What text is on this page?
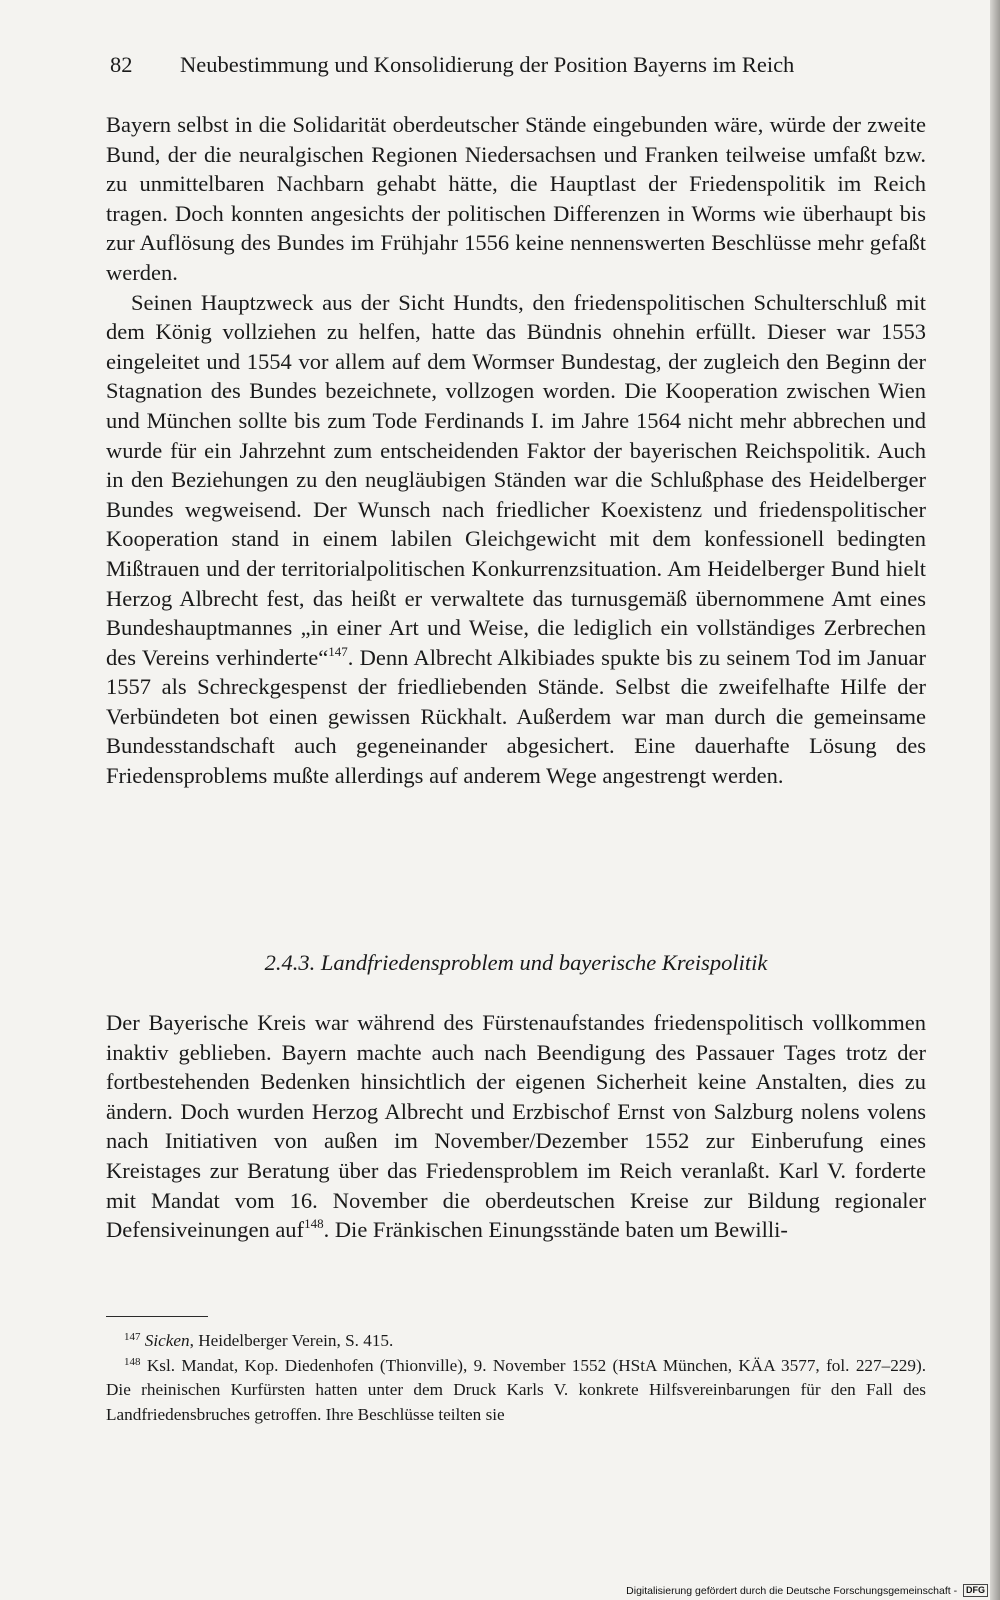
82 Neubestimmung und Konsolidierung der Position Bayerns im Reich

Bayern selbst in die Solidarität oberdeutscher Stände eingebunden wäre, würde der zweite Bund, der die neuralgischen Regionen Niedersachsen und Franken teilweise umfaßt bzw. zu unmittelbaren Nachbarn gehabt hätte, die Hauptlast der Friedenspolitik im Reich tragen. Doch konnten angesichts der politischen Differenzen in Worms wie überhaupt bis zur Auflösung des Bundes im Frühjahr 1556 keine nennenswerten Beschlüsse mehr gefaßt werden.

Seinen Hauptzweck aus der Sicht Hundts, den friedenspolitischen Schulterschluß mit dem König vollziehen zu helfen, hatte das Bündnis ohnehin erfüllt. Dieser war 1553 eingeleitet und 1554 vor allem auf dem Wormser Bundestag, der zugleich den Beginn der Stagnation des Bundes bezeichnete, vollzogen worden. Die Kooperation zwischen Wien und München sollte bis zum Tode Ferdinands I. im Jahre 1564 nicht mehr abbrechen und wurde für ein Jahrzehnt zum entscheidenden Faktor der bayerischen Reichspolitik. Auch in den Beziehungen zu den neugläubigen Ständen war die Schlußphase des Heidelberger Bundes wegweisend. Der Wunsch nach friedlicher Koexistenz und friedenspolitischer Kooperation stand in einem labilen Gleichgewicht mit dem konfessionell bedingten Mißtrauen und der territorialpolitischen Konkurrenzsituation. Am Heidelberger Bund hielt Herzog Albrecht fest, das heißt er verwaltete das turnusgemäß übernommene Amt eines Bundeshauptmannes „in einer Art und Weise, die lediglich ein vollständiges Zerbrechen des Vereins verhinderte“$^{147}$. Denn Albrecht Alkibiades spukte bis zu seinem Tod im Januar 1557 als Schreckgespenst der friedliebenden Stände. Selbst die zweifelhafte Hilfe der Verbündeten bot einen gewissen Rückhalt. Außerdem war man durch die gemeinsame Bundesstandschaft auch gegeneinander abgesichert. Eine dauerhafte Lösung des Friedensproblems mußte allerdings auf anderem Wege angestrengt werden.

2.4.3. Landfriedensproblem und bayerische Kreispolitik

Der Bayerische Kreis war während des Fürstenaufstandes friedenspolitisch vollkommen inaktiv geblieben. Bayern machte auch nach Beendigung des Passauer Tages trotz der fortbestehenden Bedenken hinsichtlich der eigenen Sicherheit keine Anstalten, dies zu ändern. Doch wurden Herzog Albrecht und Erzbischof Ernst von Salzburg nolens volens nach Initiativen von außen im November/Dezember 1552 zur Einberufung eines Kreistages zur Beratung über das Friedensproblem im Reich veranlaßt. Karl V. forderte mit Mandat vom 16. November die oberdeutschen Kreise zur Bildung regionaler Defensiveinungen auf$^{148}$. Die Fränkischen Einungsstände baten um Bewilli-

$^{147}$ Sicken, Heidelberger Verein, S. 415.

$^{148}$ Ksl. Mandat, Kop. Diedenhofen (Thionville), 9. November 1552 (HStA München, KÄA 3577, fol. 227–229). Die rheinischen Kurfürsten hatten unter dem Druck Karls V. konkrete Hilfsvereinbarungen für den Fall des Landfriedensbruches getroffen. Ihre Beschlüsse teilten sie

Digitalisierung gefördert durch die Deutsche Forschungsgemeinschaft - DFG
